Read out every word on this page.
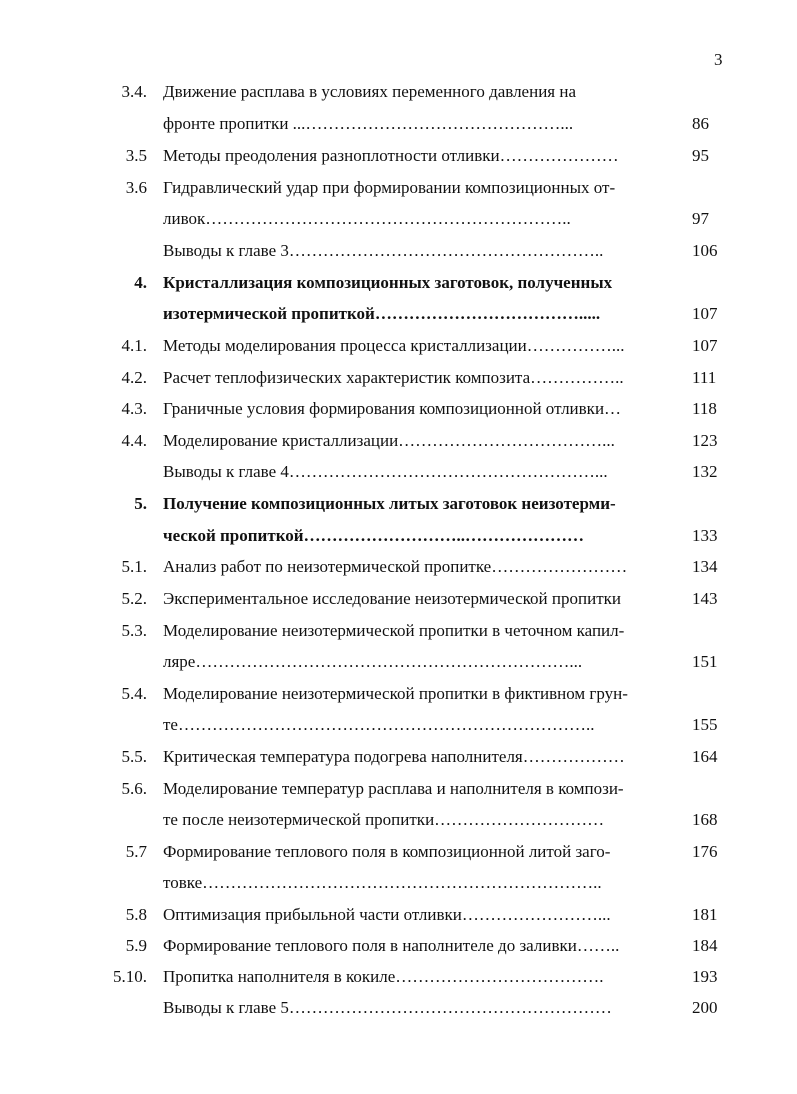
3
3.4. Движение расплава в условиях переменного давления на
фронте пропитки ...………………………………………...	86
3.5 Методы преодоления разноплотности отливки…………………	95
3.6 Гидравлический удар при формировании композиционных от-
ливок………………………………………………………..	97
Выводы к главе 3………………………………………………..	106
4. Кристаллизация композиционных заготовок, полученных
изотермической пропиткой……………………………….....	107
4.1. Методы моделирования процесса кристаллизации……………...	107
4.2. Расчет теплофизических характеристик композита……………..	111
4.3. Граничные условия формирования композиционной отливки…	118
4.4. Моделирование кристаллизации………………………………...	123
Выводы к главе 4………………………………………………...	132
5. Получение композиционных литых заготовок неизотерми-
ческой пропиткой………………………..…………………	133
5.1. Анализ работ по неизотермической пропитке……………………	134
5.2. Экспериментальное исследование неизотермической пропитки	143
5.3. Моделирование неизотермической пропитки в четочном капил-
ляре…………………………………………………………...	151
5.4. Моделирование неизотермической пропитки в фиктивном грун-
те………………………………………………………………..	155
5.5. Критическая температура подогрева наполнителя………………	164
5.6. Моделирование температур расплава и наполнителя в компози-
те после неизотермической пропитки…………………………	168
5.7 Формирование теплового поля в композиционной литой заго-	176
товке……………………………………………………………..
5.8 Оптимизация прибыльной части отливки……………………...	181
5.9 Формирование теплового поля в наполнителе до заливки……..	184
5.10. Пропитка наполнителя в кокиле……………………………….	193
Выводы к главе 5…………………………………………………	200
